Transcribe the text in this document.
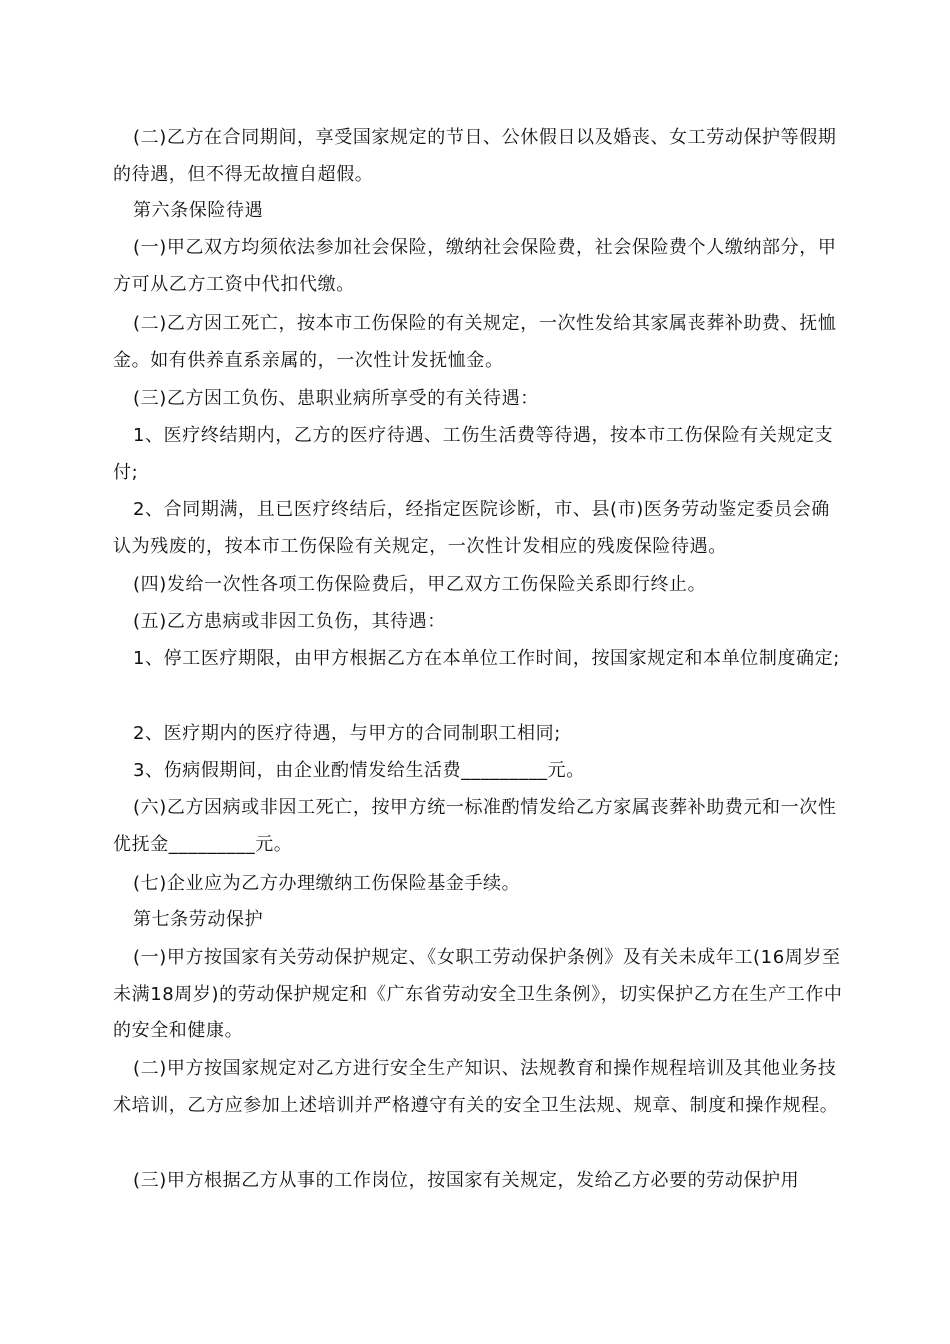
(二)乙方在合同期间，享受国家规定的节日、公休假日以及婚丧、女工劳动保护等假期的待遇，但不得无故擅自超假。
第六条保险待遇
(一)甲乙双方均须依法参加社会保险，缴纳社会保险费，社会保险费个人缴纳部分，甲方可从乙方工资中代扣代缴。
(二)乙方因工死亡，按本市工伤保险的有关规定，一次性发给其家属丧葬补助费、抚恤金。如有供养直系亲属的，一次性计发抚恤金。
(三)乙方因工负伤、患职业病所享受的有关待遇：
1、医疗终结期内，乙方的医疗待遇、工伤生活费等待遇，按本市工伤保险有关规定支付;
2、合同期满，且已医疗终结后，经指定医院诊断，市、县(市)医务劳动鉴定委员会确认为残废的，按本市工伤保险有关规定，一次性计发相应的残废保险待遇。
(四)发给一次性各项工伤保险费后，甲乙双方工伤保险关系即行终止。
(五)乙方患病或非因工负伤，其待遇：
1、停工医疗期限，由甲方根据乙方在本单位工作时间，按国家规定和本单位制度确定;
2、医疗期内的医疗待遇，与甲方的合同制职工相同;
3、伤病假期间，由企业酌情发给生活费_________元。
(六)乙方因病或非因工死亡，按甲方统一标准酌情发给乙方家属丧葬补助费元和一次性优抚金_________元。
(七)企业应为乙方办理缴纳工伤保险基金手续。
第七条劳动保护
(一)甲方按国家有关劳动保护规定、《女职工劳动保护条例》及有关未成年工(16周岁至未满18周岁)的劳动保护规定和《广东省劳动安全卫生条例》，切实保护乙方在生产工作中的安全和健康。
(二)甲方按国家规定对乙方进行安全生产知识、法规教育和操作规程培训及其他业务技术培训，乙方应参加上述培训并严格遵守有关的安全卫生法规、规章、制度和操作规程。
(三)甲方根据乙方从事的工作岗位，按国家有关规定，发给乙方必要的劳动保护用
